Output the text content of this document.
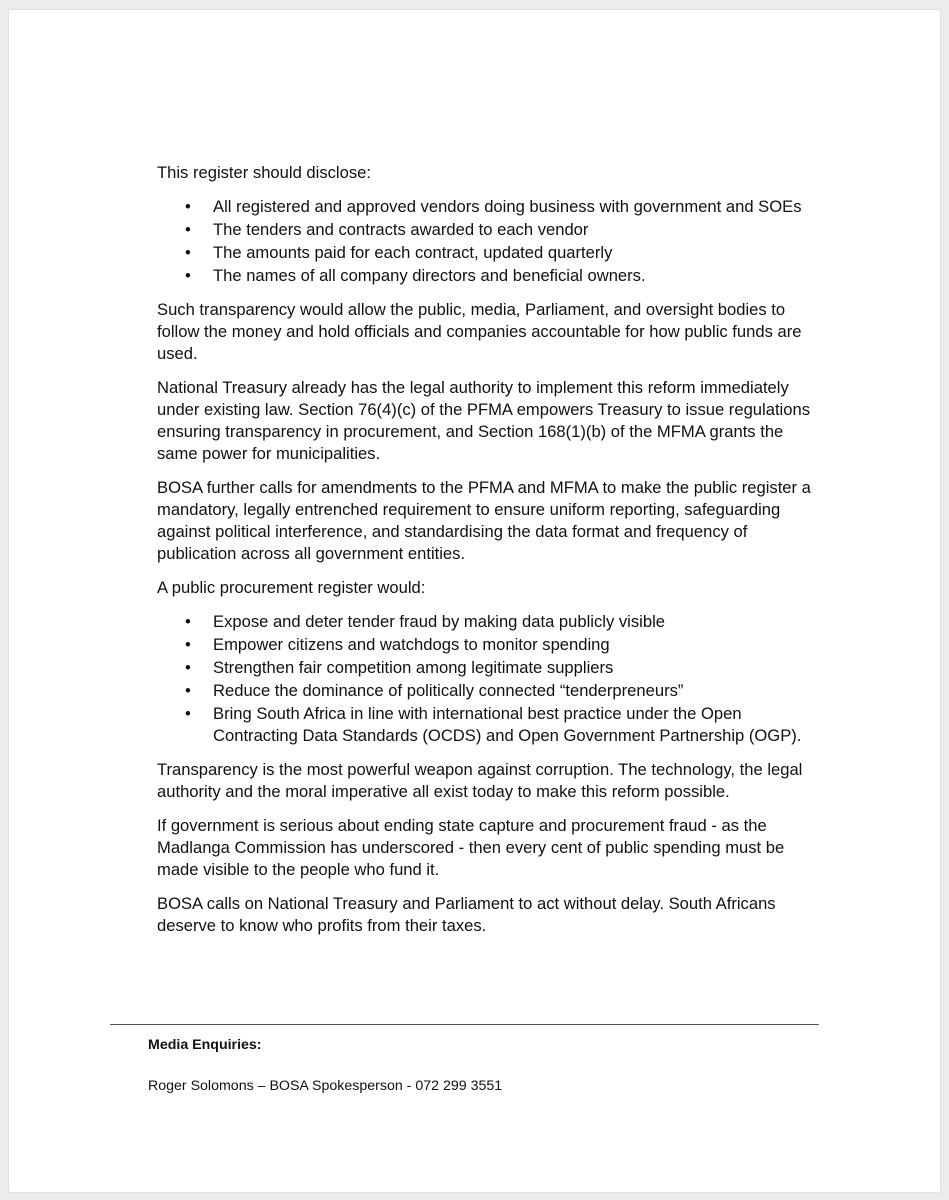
This register should disclose:

• All registered and approved vendors doing business with government and SOEs
• The tenders and contracts awarded to each vendor
• The amounts paid for each contract, updated quarterly
• The names of all company directors and beneficial owners.

Such transparency would allow the public, media, Parliament, and oversight bodies to follow the money and hold officials and companies accountable for how public funds are used.

National Treasury already has the legal authority to implement this reform immediately under existing law. Section 76(4)(c) of the PFMA empowers Treasury to issue regulations ensuring transparency in procurement, and Section 168(1)(b) of the MFMA grants the same power for municipalities.

BOSA further calls for amendments to the PFMA and MFMA to make the public register a mandatory, legally entrenched requirement to ensure uniform reporting, safeguarding against political interference, and standardising the data format and frequency of publication across all government entities.

A public procurement register would:

• Expose and deter tender fraud by making data publicly visible
• Empower citizens and watchdogs to monitor spending
• Strengthen fair competition among legitimate suppliers
• Reduce the dominance of politically connected “tenderpreneurs”
• Bring South Africa in line with international best practice under the Open Contracting Data Standards (OCDS) and Open Government Partnership (OGP).

Transparency is the most powerful weapon against corruption. The technology, the legal authority and the moral imperative all exist today to make this reform possible.

If government is serious about ending state capture and procurement fraud - as the Madlanga Commission has underscored - then every cent of public spending must be made visible to the people who fund it.

BOSA calls on National Treasury and Parliament to act without delay. South Africans deserve to know who profits from their taxes.

Media Enquiries:
Roger Solomons – BOSA Spokesperson - 072 299 3551
